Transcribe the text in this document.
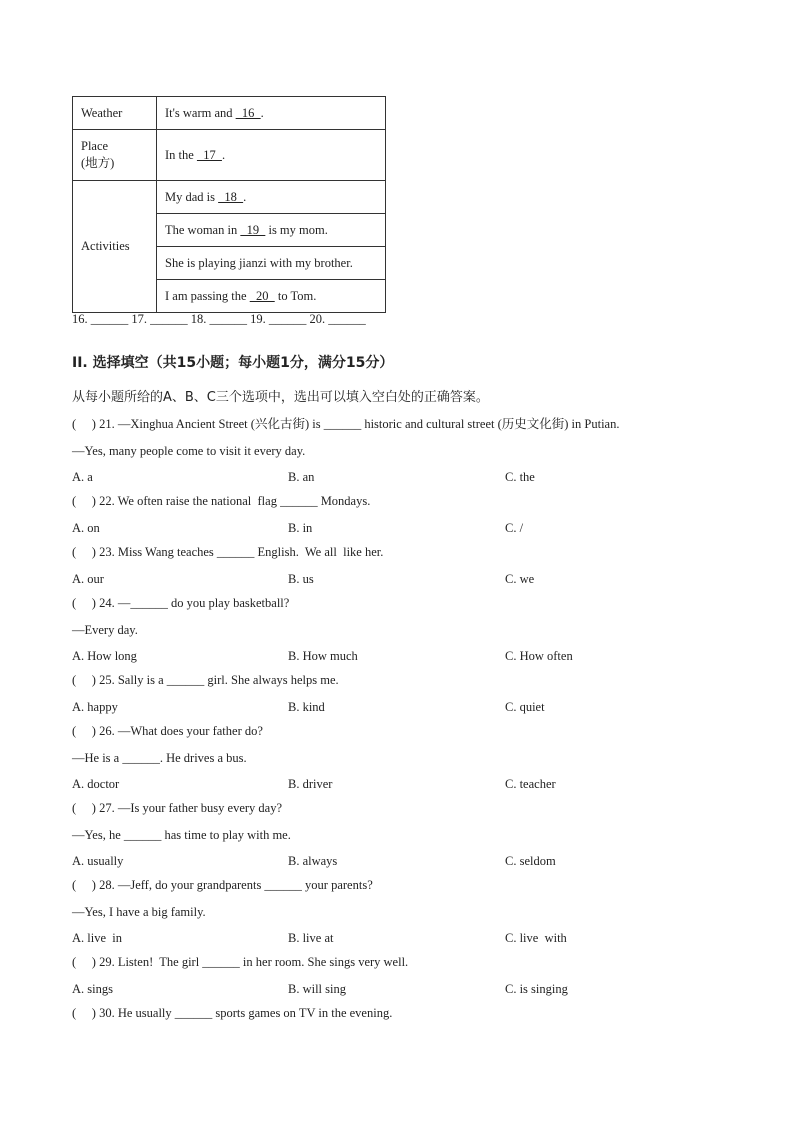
Weather	It's warm and   16  .

Place
(地方)	In the   17  .
Activities	My dad is   18  .
	The woman in   19   is my mom.
	She is playing jianzi with my brother.
	I am passing the   20   to Tom.
16. ______ 17. ______ 18. ______ 19. ______ 20. ______
II. 选择填空（共15小题；每小题1分，满分15分）
从每小题所给的A、B、C三个选项中，选出可以填入空白处的正确答案。
(     ) 21. —Xinghua Ancient Street (兴化古街) is ______ historic and cultural street (历史文化街) in Putian.
—Yes, many people come to visit it every day.
A. a	B. an	C. the
(     ) 22. We often raise the national  flag ______ Mondays.
A. on	B. in	C. /
(     ) 23. Miss Wang teaches ______ English.  We all  like her.
A. our	B. us	C. we
(     ) 24. —______ do you play basketball?
—Every day.
A. How long	B. How much	C. How often
(     ) 25. Sally is a ______ girl. She always helps me.
A. happy	B. kind	C. quiet
(     ) 26. —What does your father do?
—He is a ______. He drives a bus.
A. doctor	B. driver	C. teacher
(     ) 27. —Is your father busy every day?
—Yes, he ______ has time to play with me.
A. usually	B. always	C. seldom
(     ) 28. —Jeff, do your grandparents ______ your parents?
—Yes, I have a big family.
A. live  in	B. live at	C. live  with
(     ) 29. Listen!  The girl ______ in her room. She sings very well.
A. sings	B. will sing	C. is singing
(     ) 30. He usually ______ sports games on TV in the evening.
